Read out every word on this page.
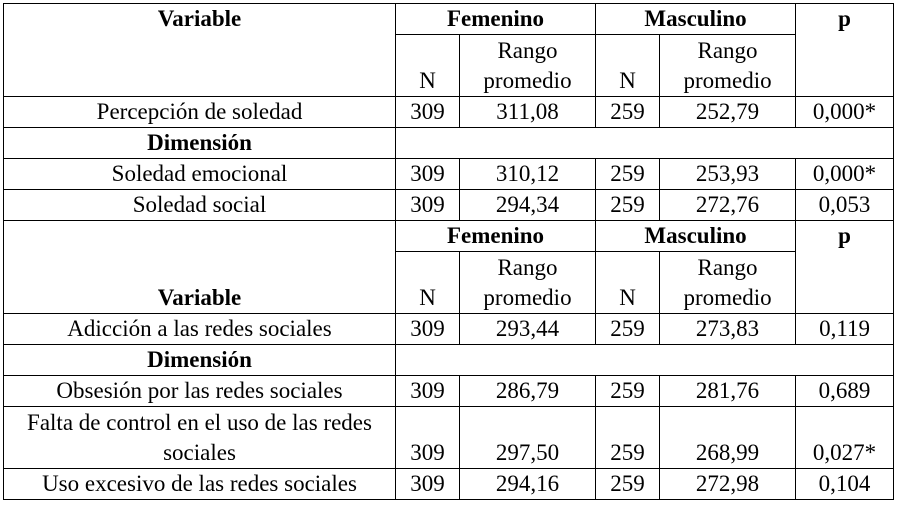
Variable	Femenino		Masculino		p
	N	Rango promedio	N	Rango promedio	
Percepción de soledad	309	311,08	259	252,79	0,000*
Dimensión					
Soledad emocional	309	310,12	259	253,93	0,000*
Soledad social	309	294,34	259	272,76	0,053
Variable	Femenino		Masculino		p
	N	Rango promedio	N	Rango promedio	
Adicción a las redes sociales	309	293,44	259	273,83	0,119
Dimensión					
Obsesión por las redes sociales	309	286,79	259	281,76	0,689
Falta de control en el uso de las redes sociales	309	297,50	259	268,99	0,027*
Uso excesivo de las redes sociales	309	294,16	259	272,98	0,104
